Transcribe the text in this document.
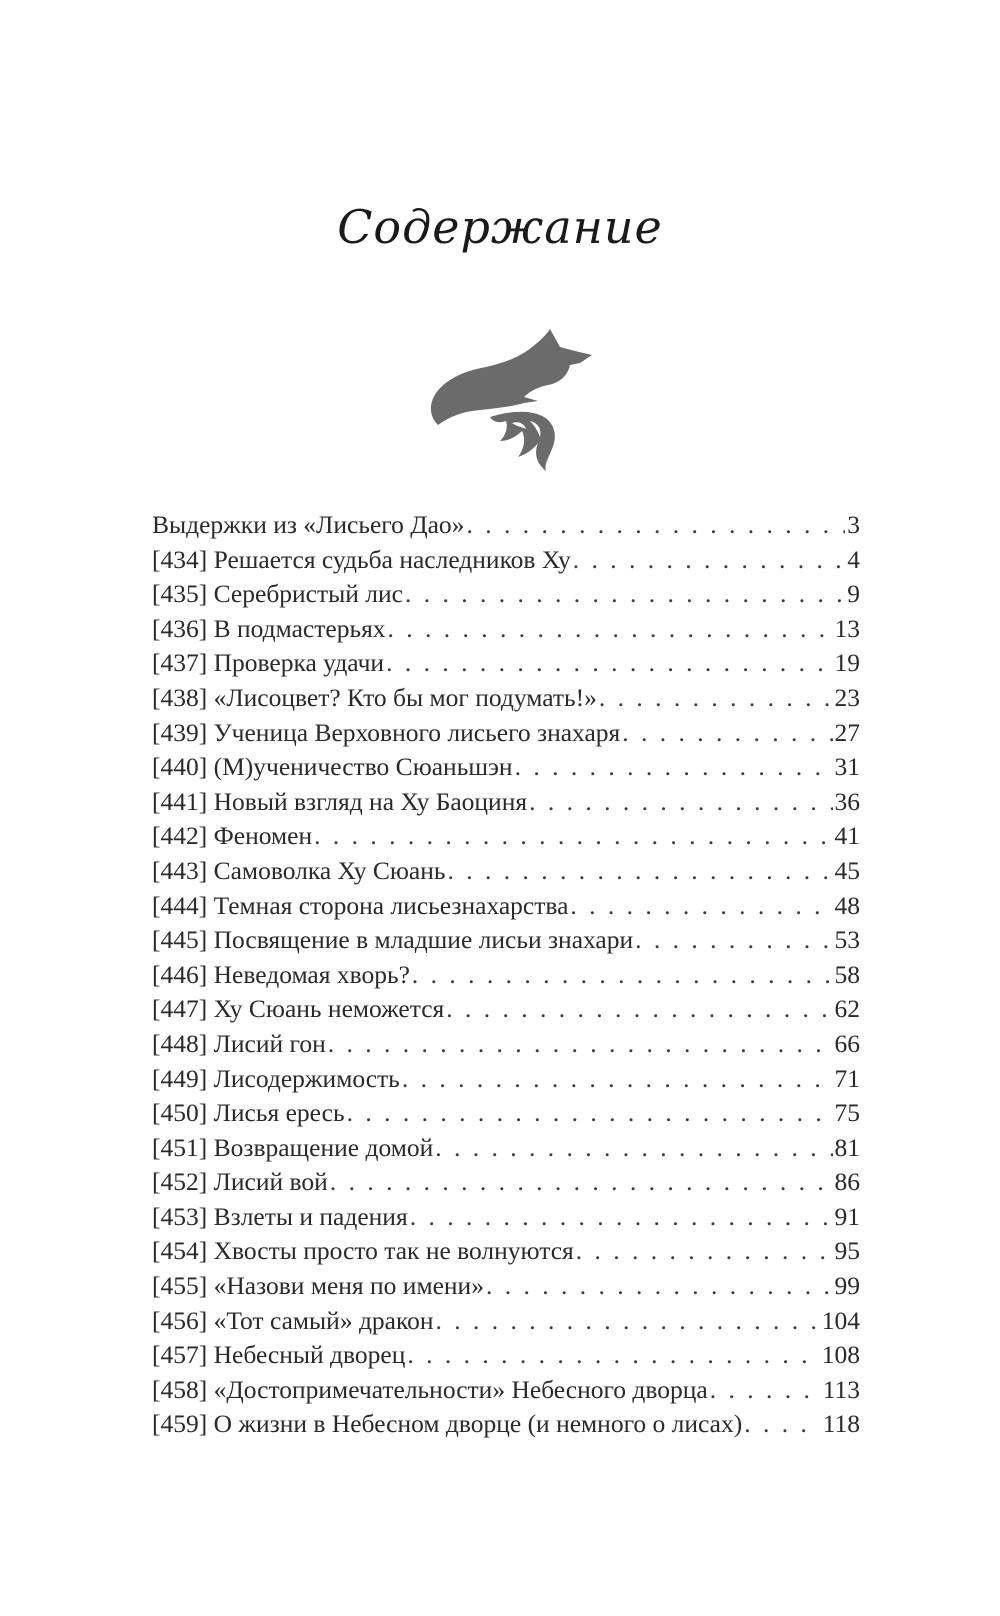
Содержание
Выдержки из «Лисьего Дао» . . .	3
[434] Решается судьба наследников Ху . . .	4
[435] Серебристый лис . . .	9
[436] В подмастерьях . . .	13
[437] Проверка удачи . . .	19
[438] «Лисоцвет? Кто бы мог подумать!» . . .	23
[439] Ученица Верховного лисьего знахаря . . .	27
[440] (М)ученичество Сюаньшэн . . .	31
[441] Новый взгляд на Ху Баоциня . . .	36
[442] Феномен . . .	41
[443] Самоволка Ху Сюань . . .	45
[444] Темная сторона лисьезнахарства . . .	48
[445] Посвящение в младшие лисьи знахари . . .	53
[446] Неведомая хворь? . . .	58
[447] Ху Сюань неможется . . .	62
[448] Лисий гон . . .	66
[449] Лисодержимость . . .	71
[450] Лисья ересь . . .	75
[451] Возвращение домой . . .	81
[452] Лисий вой . . .	86
[453] Взлеты и падения . . .	91
[454] Хвосты просто так не волнуются . . .	95
[455] «Назови меня по имени» . . .	99
[456] «Тот самый» дракон . . .	104
[457] Небесный дворец . . .	108
[458] «Достопримечательности» Небесного дворца . . .	113
[459] О жизни в Небесном дворце (и немного о лисах) . . .	118
